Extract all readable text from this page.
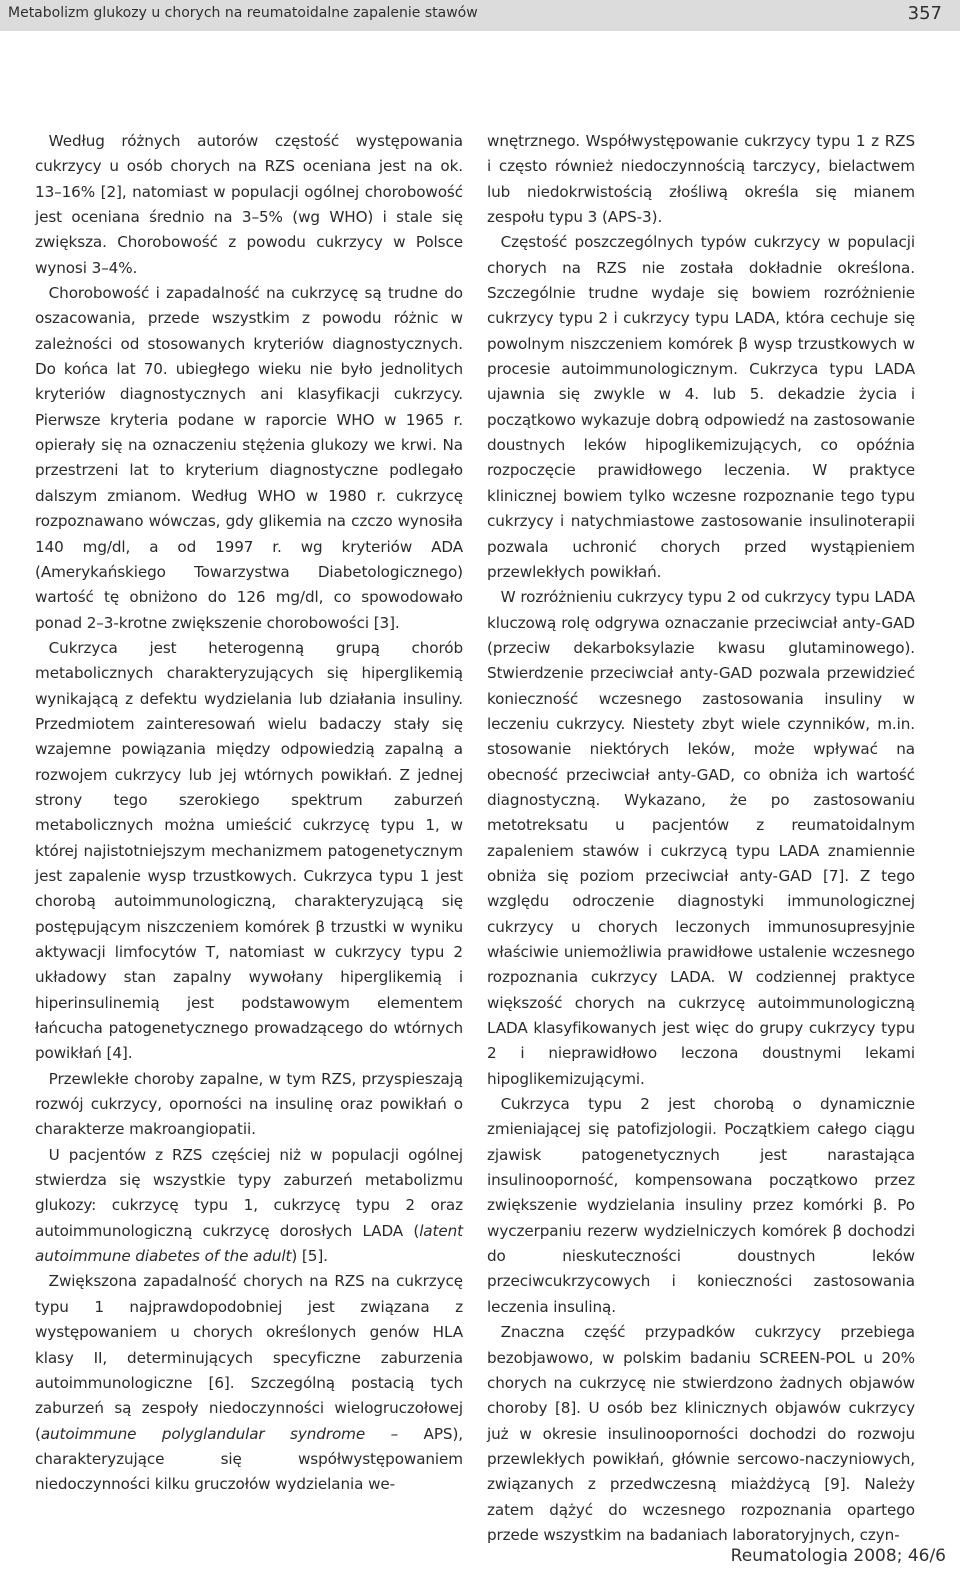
Metabolizm glukozy u chorych na reumatoidalne zapalenie stawów	357

Według różnych autorów częstość występowania cukrzycy u osób chorych na RZS oceniana jest na ok. 13–16% [2], natomiast w populacji ogólnej chorobowość jest oceniana średnio na 3–5% (wg WHO) i stale się zwiększa. Chorobowość z powodu cukrzycy w Polsce wynosi 3–4%.

Chorobowość i zapadalność na cukrzycę są trudne do oszacowania, przede wszystkim z powodu różnic w zależności od stosowanych kryteriów diagnostycznych. Do końca lat 70. ubiegłego wieku nie było jednolitych kryteriów diagnostycznych ani klasyfikacji cukrzycy. Pierwsze kryteria podane w raporcie WHO w 1965 r. opierały się na oznaczeniu stężenia glukozy we krwi. Na przestrzeni lat to kryterium diagnostyczne podlegało dalszym zmianom. Według WHO w 1980 r. cukrzycę rozpoznawano wówczas, gdy glikemia na czczo wynosiła 140 mg/dl, a od 1997 r. wg kryteriów ADA (Amerykańskiego Towarzystwa Diabetologicznego) wartość tę obniżono do 126 mg/dl, co spowodowało ponad 2–3-krotne zwiększenie chorobowości [3].

Cukrzyca jest heterogenną grupą chorób metabolicznych charakteryzujących się hiperglikemią wynikającą z defektu wydzielania lub działania insuliny. Przedmiotem zainteresowań wielu badaczy stały się wzajemne powiązania między odpowiedzią zapalną a rozwojem cukrzycy lub jej wtórnych powikłań. Z jednej strony tego szerokiego spektrum zaburzeń metabolicznych można umieścić cukrzycę typu 1, w której najistotniejszym mechanizmem patogenetycznym jest zapalenie wysp trzustkowych. Cukrzyca typu 1 jest chorobą autoimmunologiczną, charakteryzującą się postępującym niszczeniem komórek β trzustki w wyniku aktywacji limfocytów T, natomiast w cukrzycy typu 2 układowy stan zapalny wywołany hiperglikemią i hiperinsulinemią jest podstawowym elementem łańcucha patogenetycznego prowadzącego do wtórnych powikłań [4].

Przewlekłe choroby zapalne, w tym RZS, przyspieszają rozwój cukrzycy, oporności na insulinę oraz powikłań o charakterze makroangiopatii.

U pacjentów z RZS częściej niż w populacji ogólnej stwierdza się wszystkie typy zaburzeń metabolizmu glukozy: cukrzycę typu 1, cukrzycę typu 2 oraz autoimmunologiczną cukrzycę dorosłych LADA (latent autoimmune diabetes of the adult) [5].

Zwiększona zapadalność chorych na RZS na cukrzycę typu 1 najprawdopodobniej jest związana z występowaniem u chorych określonych genów HLA klasy II, determinujących specyficzne zaburzenia autoimmunologiczne [6]. Szczególną postacią tych zaburzeń są zespoły niedoczynności wielogruczołowej (autoimmune polyglandular syndrome – APS), charakteryzujące się współwystępowaniem niedoczynności kilku gruczołów wydzielania we-

wnętrznego. Współwystępowanie cukrzycy typu 1 z RZS i często również niedoczynnością tarczycy, bielactwem lub niedokrwistością złośliwą określa się mianem zespołu typu 3 (APS-3).

Częstość poszczególnych typów cukrzycy w populacji chorych na RZS nie została dokładnie określona. Szczególnie trudne wydaje się bowiem rozróżnienie cukrzycy typu 2 i cukrzycy typu LADA, która cechuje się powolnym niszczeniem komórek β wysp trzustkowych w procesie autoimmunologicznym. Cukrzyca typu LADA ujawnia się zwykle w 4. lub 5. dekadzie życia i początkowo wykazuje dobrą odpowiedź na zastosowanie doustnych leków hipoglikemizujących, co opóźnia rozpoczęcie prawidłowego leczenia. W praktyce klinicznej bowiem tylko wczesne rozpoznanie tego typu cukrzycy i natychmiastowe zastosowanie insulinoterapii pozwala uchronić chorych przed wystąpieniem przewlekłych powikłań.

W rozróżnieniu cukrzycy typu 2 od cukrzycy typu LADA kluczową rolę odgrywa oznaczanie przeciwciał anty-GAD (przeciw dekarboksylazie kwasu glutaminowego). Stwierdzenie przeciwciał anty-GAD pozwala przewidzieć konieczność wczesnego zastosowania insuliny w leczeniu cukrzycy. Niestety zbyt wiele czynników, m.in. stosowanie niektórych leków, może wpływać na obecność przeciwciał anty-GAD, co obniża ich wartość diagnostyczną. Wykazano, że po zastosowaniu metotreksatu u pacjentów z reumatoidalnym zapaleniem stawów i cukrzycą typu LADA znamiennie obniża się poziom przeciwciał anty-GAD [7]. Z tego względu odroczenie diagnostyki immunologicznej cukrzycy u chorych leczonych immunosupresyjnie właściwie uniemożliwia prawidłowe ustalenie wczesnego rozpoznania cukrzycy LADA. W codziennej praktyce większość chorych na cukrzycę autoimmunologiczną LADA klasyfikowanych jest więc do grupy cukrzycy typu 2 i nieprawidłowo leczona doustnymi lekami hipoglikemizującymi.

Cukrzyca typu 2 jest chorobą o dynamicznie zmieniającej się patofizjologii. Początkiem całego ciągu zjawisk patogenetycznych jest narastająca insulinooporność, kompensowana początkowo przez zwiększenie wydzielania insuliny przez komórki β. Po wyczerpaniu rezerw wydzielniczych komórek β dochodzi do nieskuteczności doustnych leków przeciwcukrzycowych i konieczności zastosowania leczenia insuliną.

Znaczna część przypadków cukrzycy przebiega bezobjawowo, w polskim badaniu SCREEN-POL u 20% chorych na cukrzycę nie stwierdzono żadnych objawów choroby [8]. U osób bez klinicznych objawów cukrzycy już w okresie insulinooporności dochodzi do rozwoju przewlekłych powikłań, głównie sercowo-naczyniowych, związanych z przedwczesną miażdżycą [9]. Należy zatem dążyć do wczesnego rozpoznania opartego przede wszystkim na badaniach laboratoryjnych, czyn-

Reumatologia 2008; 46/6
